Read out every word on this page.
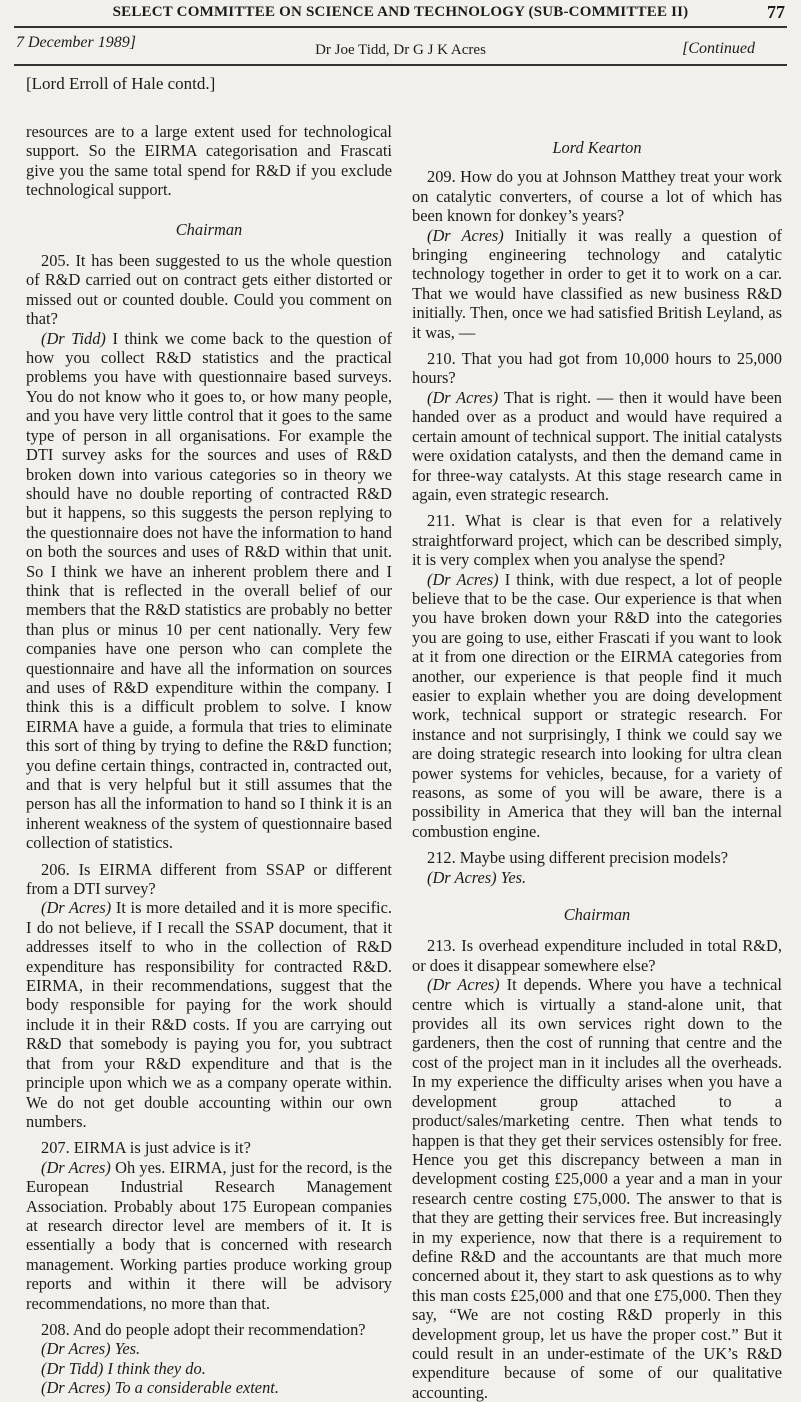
SELECT COMMITTEE ON SCIENCE AND TECHNOLOGY (SUB-COMMITTEE II)	77
7 December 1989]	Dr Joe Tidd, Dr G J K Acres	[Continued
[Lord Erroll of Hale contd.]

resources are to a large extent used for technological support. So the EIRMA categorisation and Frascati give you the same total spend for R&D if you exclude technological support.

Chairman

205. It has been suggested to us the whole question of R&D carried out on contract gets either distorted or missed out or counted double. Could you comment on that?

(Dr Tidd) I think we come back to the question of how you collect R&D statistics and the practical problems you have with questionnaire based surveys. You do not know who it goes to, or how many people, and you have very little control that it goes to the same type of person in all organisations. For example the DTI survey asks for the sources and uses of R&D broken down into various categories so in theory we should have no double reporting of contracted R&D but it happens, so this suggests the person replying to the questionnaire does not have the information to hand on both the sources and uses of R&D within that unit. So I think we have an inherent problem there and I think that is reflected in the overall belief of our members that the R&D statistics are probably no better than plus or minus 10 per cent nationally. Very few companies have one person who can complete the questionnaire and have all the information on sources and uses of R&D expenditure within the company. I think this is a difficult problem to solve. I know EIRMA have a guide, a formula that tries to eliminate this sort of thing by trying to define the R&D function; you define certain things, contracted in, contracted out, and that is very helpful but it still assumes that the person has all the information to hand so I think it is an inherent weakness of the system of questionnaire based collection of statistics.

206. Is EIRMA different from SSAP or different from a DTI survey?

(Dr Acres) It is more detailed and it is more specific. I do not believe, if I recall the SSAP document, that it addresses itself to who in the collection of R&D expenditure has responsibility for contracted R&D. EIRMA, in their recommendations, suggest that the body responsible for paying for the work should include it in their R&D costs. If you are carrying out R&D that somebody is paying you for, you subtract that from your R&D expenditure and that is the principle upon which we as a company operate within. We do not get double accounting within our own numbers.

207. EIRMA is just advice is it?

(Dr Acres) Oh yes. EIRMA, just for the record, is the European Industrial Research Management Association. Probably about 175 European companies at research director level are members of it. It is essentially a body that is concerned with research management. Working parties produce working group reports and within it there will be advisory recommendations, no more than that.

208. And do people adopt their recommendation?

(Dr Acres) Yes.

(Dr Tidd) I think they do.

(Dr Acres) To a considerable extent.

Lord Kearton

209. How do you at Johnson Matthey treat your work on catalytic converters, of course a lot of which has been known for donkey’s years?

(Dr Acres) Initially it was really a question of bringing engineering technology and catalytic technology together in order to get it to work on a car. That we would have classified as new business R&D initially. Then, once we had satisfied British Leyland, as it was, —

210. That you had got from 10,000 hours to 25,000 hours?

(Dr Acres) That is right. — then it would have been handed over as a product and would have required a certain amount of technical support. The initial catalysts were oxidation catalysts, and then the demand came in for three-way catalysts. At this stage research came in again, even strategic research.

211. What is clear is that even for a relatively straightforward project, which can be described simply, it is very complex when you analyse the spend?

(Dr Acres) I think, with due respect, a lot of people believe that to be the case. Our experience is that when you have broken down your R&D into the categories you are going to use, either Frascati if you want to look at it from one direction or the EIRMA categories from another, our experience is that people find it much easier to explain whether you are doing development work, technical support or strategic research. For instance and not surprisingly, I think we could say we are doing strategic research into looking for ultra clean power systems for vehicles, because, for a variety of reasons, as some of you will be aware, there is a possibility in America that they will ban the internal combustion engine.

212. Maybe using different precision models?

(Dr Acres) Yes.

Chairman

213. Is overhead expenditure included in total R&D, or does it disappear somewhere else?

(Dr Acres) It depends. Where you have a technical centre which is virtually a stand-alone unit, that provides all its own services right down to the gardeners, then the cost of running that centre and the cost of the project man in it includes all the overheads. In my experience the difficulty arises when you have a development group attached to a product/sales/marketing centre. Then what tends to happen is that they get their services ostensibly for free. Hence you get this discrepancy between a man in development costing £25,000 a year and a man in your research centre costing £75,000. The answer to that is that they are getting their services free. But increasingly in my experience, now that there is a requirement to define R&D and the accountants are that much more concerned about it, they start to ask questions as to why this man costs £25,000 and that one £75,000. Then they say, “We are not costing R&D properly in this development group, let us have the proper cost.” But it could result in an under-estimate of the UK’s R&D expenditure because of some of our qualitative accounting.
